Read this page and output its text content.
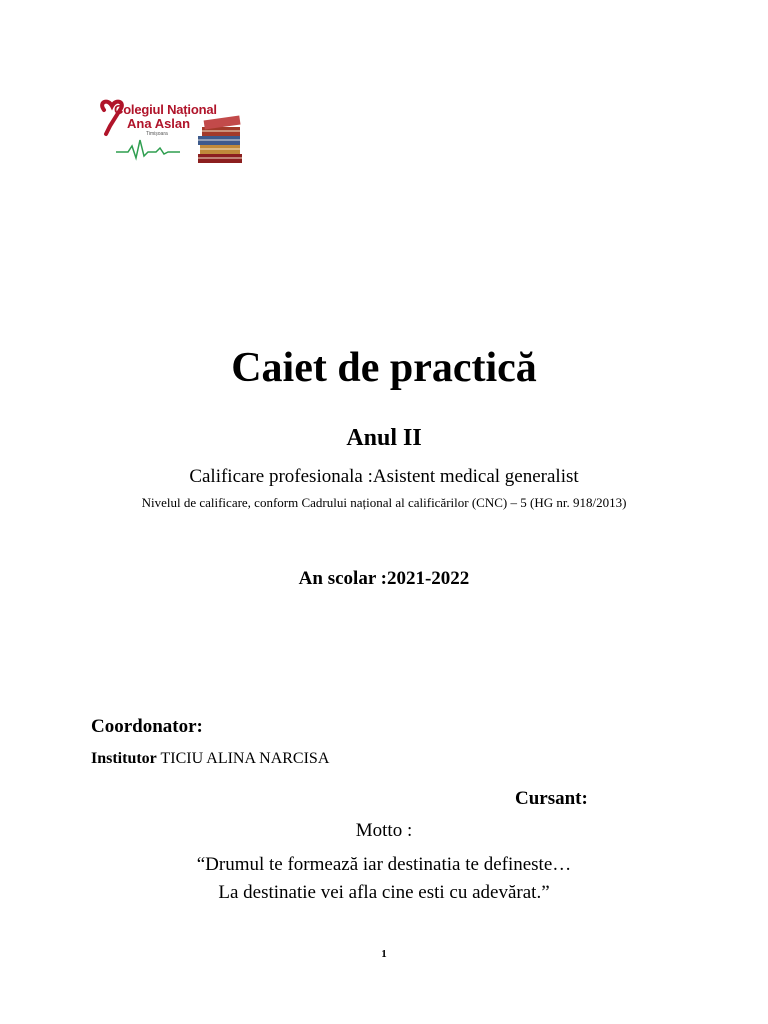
Colegiul Național
Ana Aslan
Timișoara
Caiet de practică
Anul II
Calificare profesionala :Asistent medical generalist
Nivelul de calificare, conform Cadrului național al calificărilor (CNC) – 5 (HG nr. 918/2013)
An scolar :2021-2022
Coordonator:
Institutor TICIU ALINA NARCISA
Cursant:
Motto :
“Drumul te formează iar destinatia te defineste…
La destinatie vei afla cine esti cu adevărat.”
1
